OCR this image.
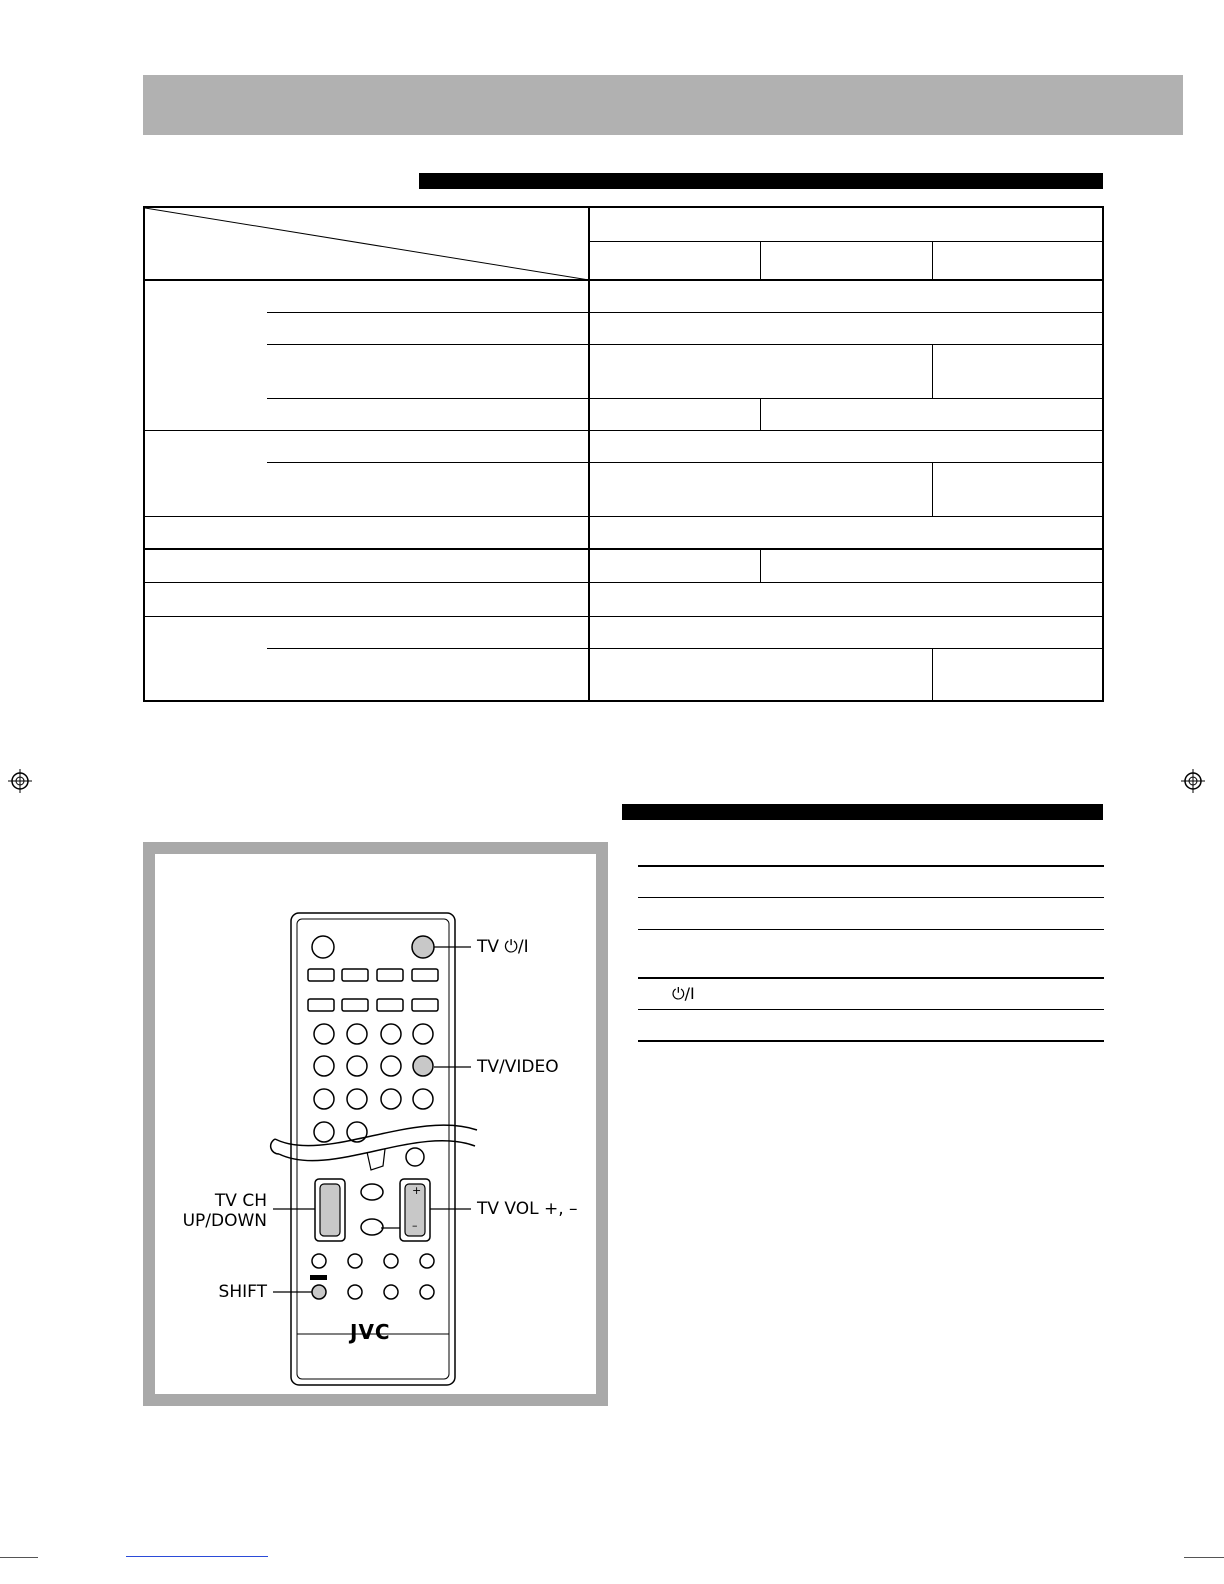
+
–
JVC
TV ⏻/I
TV/VIDEO
TV CH
UP/DOWN
TV VOL +, –
SHIFT
⏻/I
